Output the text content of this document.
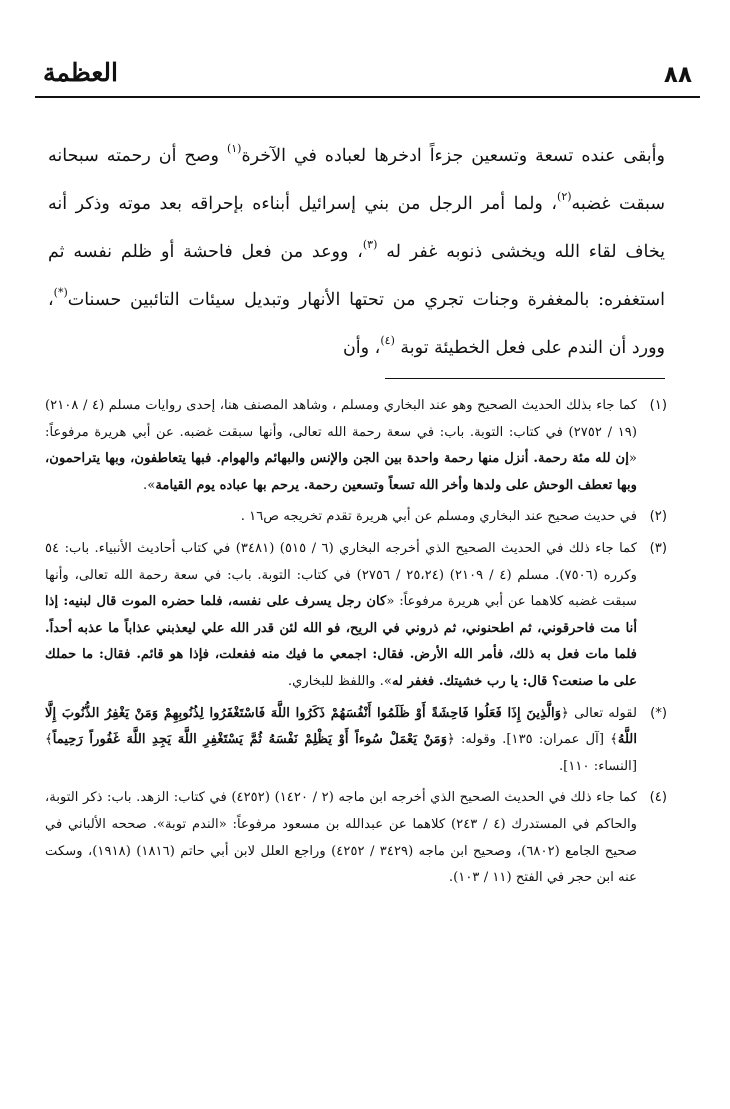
٨٨
العظمة
وأبقى عنده تسعة وتسعين جزءاً ادخرها لعباده في الآخرة$^{(١)}$ وصح أن رحمته سبحانه سبقت غضبه$^{(٢)}$، ولما أمر الرجل من بني إسرائيل أبناءه بإحراقه بعد موته وذكر أنه يخاف لقاء الله ويخشى ذنوبه غفر له $^{(٣)}$، ووعد من فعل فاحشة أو ظلم نفسه ثم استغفره: بالمغفرة وجنات تجري من تحتها الأنهار وتبديل سيئات التائبين حسنات(*)، وورد أن الندم على فعل الخطيئة توبة $^{(٤)}$، وأن
(١)
كما جاء بذلك الحديث الصحيح وهو عند البخاري ومسلم ، وشاهد المصنف هنا، إحدى روايات مسلم (٤ / ٢١٠٨) (١٩ / ٢٧٥٢) في كتاب: التوبة. باب: في سعة رحمة الله تعالى، وأنها سبقت غضبه. عن أبي هريرة مرفوعاً: «إن لله مئة رحمة. أنزل منها رحمة واحدة بين الجن والإنس والبهائم والهوام. فبها يتعاطفون، وبها يتراحمون، وبها تعطف الوحش على ولدها وأخر الله تسعاً وتسعين رحمة. يرحم بها عباده يوم القيامة».
(٢)
في حديث صحيح عند البخاري ومسلم عن أبي هريرة تقدم تخريجه ص١٦ .
(٣)
كما جاء ذلك في الحديث الصحيح الذي أخرجه البخاري (٦ / ٥١٥) (٣٤٨١) في كتاب أحاديث الأنبياء. باب: ٥٤ وكرره (٧٥٠٦). مسلم (٤ / ٢١٠٩) (٢٥،٢٤ / ٢٧٥٦) في كتاب: التوبة. باب: في سعة رحمة الله تعالى، وأنها سبقت غضبه كلاهما عن أبي هريرة مرفوعاً: «كان رجل يسرف على نفسه، فلما حضره الموت قال لبنيه: إذا أنا مت فاحرقوني، ثم اطحنوني، ثم ذروني في الريح، فو الله لئن قدر الله علي ليعذبني عذاباً ما عذبه أحداً. فلما مات فعل به ذلك، فأمر الله الأرض. فقال: اجمعي ما فيك منه ففعلت، فإذا هو قائم. فقال: ما حملك على ما صنعت؟ قال: يا رب خشيتك. فغفر له». واللفظ للبخاري.
(*)
لقوله تعالى ﴿وَالَّذِينَ إِذَا فَعَلُوا فَاحِشَةً أَوْ ظَلَمُوا أَنْفُسَهُمْ ذَكَرُوا اللَّهَ فَاسْتَغْفَرُوا لِذُنُوبِهِمْ وَمَنْ يَغْفِرُ الذُّنُوبَ إِلَّا اللَّهُ﴾ [آل عمران: ١٣٥]. وقوله: ﴿وَمَنْ يَعْمَلْ سُوءاً أَوْ يَظْلِمْ نَفْسَهُ ثُمَّ يَسْتَغْفِرِ اللَّهَ يَجِدِ اللَّهَ غَفُوراً رَحِيماً﴾ [النساء: ١١٠].
(٤)
كما جاء ذلك في الحديث الصحيح الذي أخرجه ابن ماجه (٢ / ١٤٢٠) (٤٢٥٢) في كتاب: الزهد. باب: ذكر التوبة، والحاكم في المستدرك (٤ / ٢٤٣) كلاهما عن عبدالله بن مسعود مرفوعاً: «الندم توبة». صححه الألباني في صحيح الجامع (٦٨٠٢)، وصحيح ابن ماجه (٣٤٢٩ / ٤٢٥٢) وراجع العلل لابن أبي حاتم (١٨١٦) (١٩١٨)، وسكت عنه ابن حجر في الفتح (١١ / ١٠٣).
